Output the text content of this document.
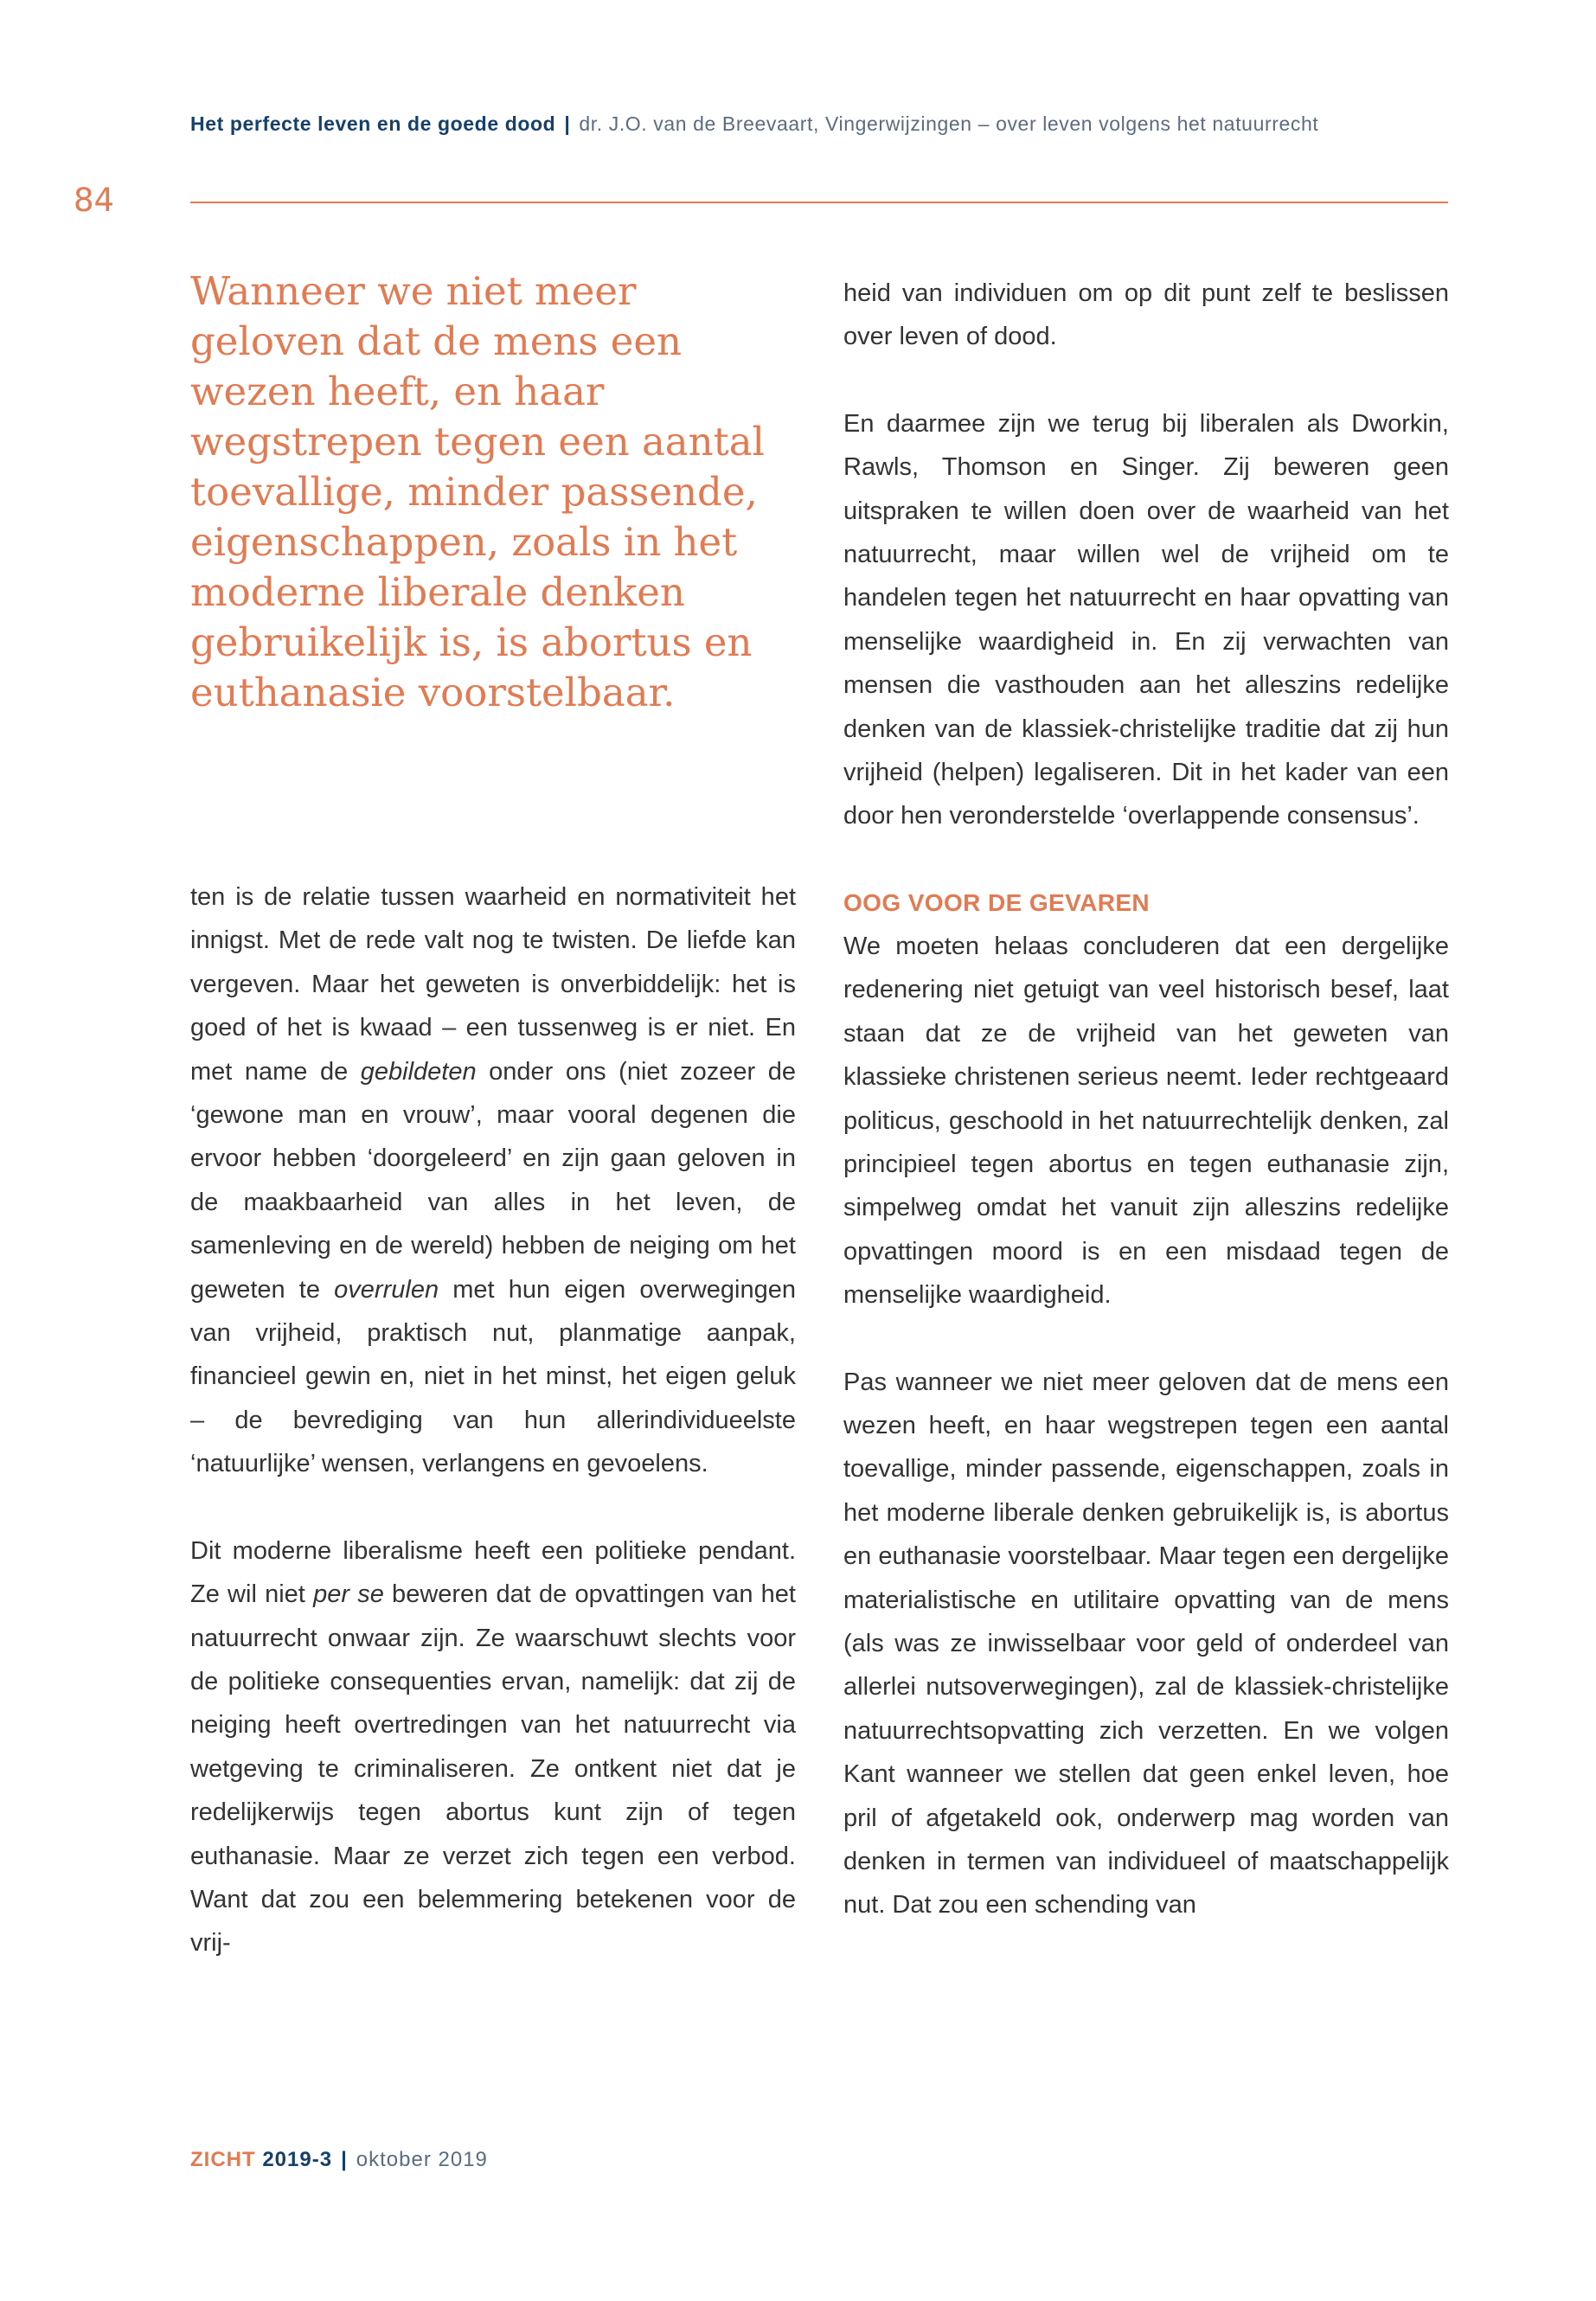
Het perfecte leven en de goede dood | dr. J.O. van de Breevaart, Vingerwijzingen – over leven volgens het natuurrecht
84
Wanneer we niet meer geloven dat de mens een wezen heeft, en haar wegstrepen tegen een aantal toevallige, minder passende, eigenschappen, zoals in het moderne liberale denken gebruikelijk is, is abortus en euthanasie voorstelbaar.

ten is de relatie tussen waarheid en normativiteit het innigst. Met de rede valt nog te twisten. De liefde kan vergeven. Maar het geweten is onverbiddelijk: het is goed of het is kwaad – een tussenweg is er niet. En met name de gebildeten onder ons (niet zozeer de ‘gewone man en vrouw’, maar vooral degenen die ervoor hebben ‘doorgeleerd’ en zijn gaan geloven in de maakbaarheid van alles in het leven, de samenleving en de wereld) hebben de neiging om het geweten te overrulen met hun eigen overwegingen van vrijheid, praktisch nut, planmatige aanpak, financieel gewin en, niet in het minst, het eigen geluk – de bevrediging van hun allerindividueelste ‘natuurlijke’ wensen, verlangens en gevoelens.

Dit moderne liberalisme heeft een politieke pendant. Ze wil niet per se beweren dat de opvattingen van het natuurrecht onwaar zijn. Ze waarschuwt slechts voor de politieke consequenties ervan, namelijk: dat zij de neiging heeft overtredingen van het natuurrecht via wetgeving te criminaliseren. Ze ontkent niet dat je redelijkerwijs tegen abortus kunt zijn of tegen euthanasie. Maar ze verzet zich tegen een verbod. Want dat zou een belemmering betekenen voor de vrij-

heid van individuen om op dit punt zelf te beslissen over leven of dood.

En daarmee zijn we terug bij liberalen als Dworkin, Rawls, Thomson en Singer. Zij beweren geen uitspraken te willen doen over de waarheid van het natuurrecht, maar willen wel de vrijheid om te handelen tegen het natuurrecht en haar opvatting van menselijke waardigheid in. En zij verwachten van mensen die vasthouden aan het alleszins redelijke denken van de klassiek-christelijke traditie dat zij hun vrijheid (helpen) legaliseren. Dit in het kader van een door hen veronderstelde ‘overlappende consensus’.

OOG VOOR DE GEVAREN

We moeten helaas concluderen dat een dergelijke redenering niet getuigt van veel historisch besef, laat staan dat ze de vrijheid van het geweten van klassieke christenen serieus neemt. Ieder rechtgeaard politicus, geschoold in het natuurrechtelijk denken, zal principieel tegen abortus en tegen euthanasie zijn, simpelweg omdat het vanuit zijn alleszins redelijke opvattingen moord is en een misdaad tegen de menselijke waardigheid.

Pas wanneer we niet meer geloven dat de mens een wezen heeft, en haar wegstrepen tegen een aantal toevallige, minder passende, eigenschappen, zoals in het moderne liberale denken gebruikelijk is, is abortus en euthanasie voorstelbaar. Maar tegen een dergelijke materialistische en utilitaire opvatting van de mens (als was ze inwisselbaar voor geld of onderdeel van allerlei nutsoverwegingen), zal de klassiek-christelijke natuurrechtsopvatting zich verzetten. En we volgen Kant wanneer we stellen dat geen enkel leven, hoe pril of afgetakeld ook, onderwerp mag worden van denken in termen van individueel of maatschappelijk nut. Dat zou een schending van

ZICHT 2019-3 | oktober 2019
